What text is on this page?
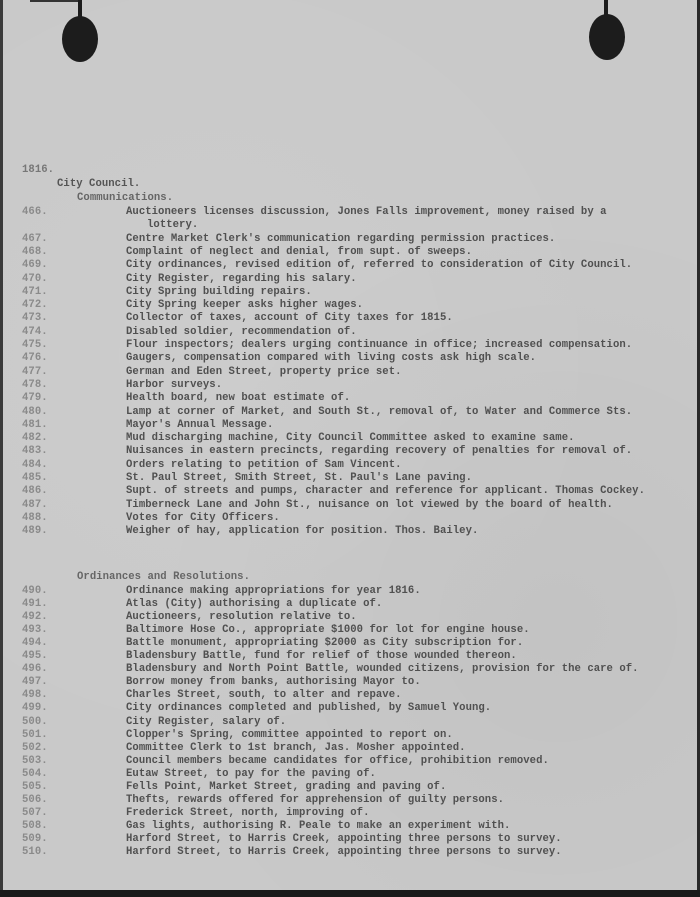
1816.
City Council.
Communications.
466.	Auctioneers licenses discussion, Jones Falls improvement, money raised by a
lottery.
467.	Centre Market Clerk's communication regarding permission practices.
468.	Complaint of neglect and denial, from supt. of sweeps.
469.	City ordinances, revised edition of, referred to consideration of City Council.
470.	City Register, regarding his salary.
471.	City Spring building repairs.
472.	City Spring keeper asks higher wages.
473.	Collector of taxes, account of City taxes for 1815.
474.	Disabled soldier, recommendation of.
475.	Flour inspectors; dealers urging continuance in office; increased compensation.
476.	Gaugers, compensation compared with living costs ask high scale.
477.	German and Eden Street, property price set.
478.	Harbor surveys.
479.	Health board, new boat estimate of.
480.	Lamp at corner of Market, and South St., removal of, to Water and Commerce Sts.
481.	Mayor's Annual Message.
482.	Mud discharging machine, City Council Committee asked to examine same.
483.	Nuisances in eastern precincts, regarding recovery of penalties for removal of.
484.	Orders relating to petition of Sam Vincent.
485.	St. Paul Street, Smith Street, St. Paul's Lane paving.
486.	Supt. of streets and pumps, character and reference for applicant. Thomas Cockey.
487.	Timberneck Lane and John St., nuisance on lot viewed by the board of health.
488.	Votes for City Officers.
489.	Weigher of hay, application for position. Thos. Bailey.
Ordinances and Resolutions.
490.	Ordinance making appropriations for year 1816.
491.	Atlas (City) authorising a duplicate of.
492.	Auctioneers, resolution relative to.
493.	Baltimore Hose Co., appropriate $1000 for lot for engine house.
494.	Battle monument, appropriating $2000 as City subscription for.
495.	Bladensbury Battle, fund for relief of those wounded thereon.
496.	Bladensbury and North Point Battle, wounded citizens, provision for the care of.
497.	Borrow money from banks, authorising Mayor to.
498.	Charles Street, south, to alter and repave.
499.	City ordinances completed and published, by Samuel Young.
500.	City Register, salary of.
501.	Clopper's Spring, committee appointed to report on.
502.	Committee Clerk to 1st branch, Jas. Mosher appointed.
503.	Council members became candidates for office, prohibition removed.
504.	Eutaw Street, to pay for the paving of.
505.	Fells Point, Market Street, grading and paving of.
506.	Thefts, rewards offered for apprehension of guilty persons.
507.	Frederick Street, north, improving of.
508.	Gas lights, authorising R. Peale to make an experiment with.
509.	Harford Street, to Harris Creek, appointing three persons to survey.
510.	Harford Street, to Harris Creek, appointing three persons to survey.
